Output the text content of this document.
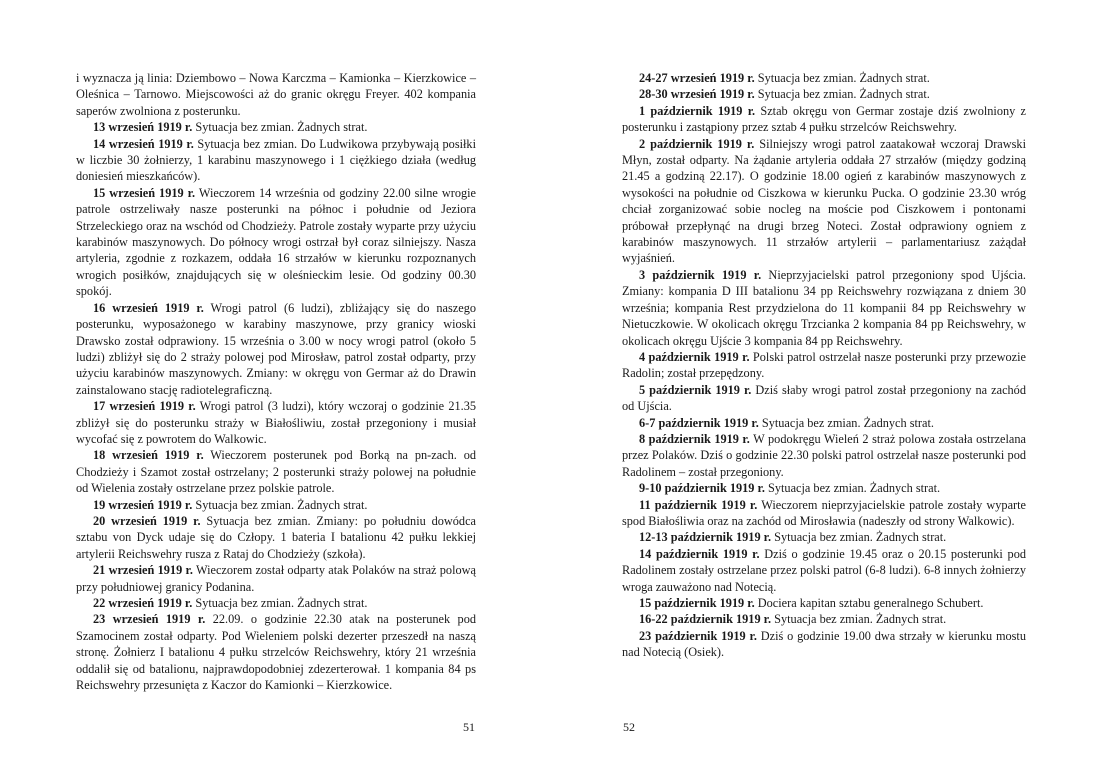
i wyznacza ją linia: Dziembowo – Nowa Karczma – Kamionka – Kierzkowice – Oleśnica – Tarnowo. Miejscowości aż do granic okręgu Freyer. 402 kompania saperów zwolniona z posterunku.

13 wrzesień 1919 r. Sytuacja bez zmian. Żadnych strat.

14 wrzesień 1919 r. Sytuacja bez zmian. Do Ludwikowa przybywają posiłki w liczbie 30 żołnierzy, 1 karabinu maszynowego i 1 ciężkiego działa (według doniesień mieszkańców).

15 wrzesień 1919 r. Wieczorem 14 września od godziny 22.00 silne wrogie patrole ostrzeliwały nasze posterunki na północ i południe od Jeziora Strzeleckiego oraz na wschód od Chodzieży. Patrole zostały wyparte przy użyciu karabinów maszynowych. Do północy wrogi ostrzał był coraz silniejszy. Nasza artyleria, zgodnie z rozkazem, oddała 16 strzałów w kierunku rozpoznanych wrogich posiłków, znajdujących się w oleśnieckim lesie. Od godziny 00.30 spokój.

16 wrzesień 1919 r. Wrogi patrol (6 ludzi), zbliżający się do naszego posterunku, wyposażonego w karabiny maszynowe, przy granicy wioski Drawsko został odprawiony. 15 września o 3.00 w nocy wrogi patrol (około 5 ludzi) zbliżył się do 2 straży polowej pod Mirosław, patrol został odparty, przy użyciu karabinów maszynowych. Zmiany: w okręgu von Germar aż do Drawin zainstalowano stację radiotelegraficzną.

17 wrzesień 1919 r. Wrogi patrol (3 ludzi), który wczoraj o godzinie 21.35 zbliżył się do posterunku straży w Białośliwiu, został przegoniony i musiał wycofać się z powrotem do Walkowic.

18 wrzesień 1919 r. Wieczorem posterunek pod Borką na pn-zach. od Chodzieży i Szamot został ostrzelany; 2 posterunki straży polowej na południe od Wielenia zostały ostrzelane przez polskie patrole.

19 wrzesień 1919 r. Sytuacja bez zmian. Żadnych strat.

20 wrzesień 1919 r. Sytuacja bez zmian. Zmiany: po południu dowódca sztabu von Dyck udaje się do Człopy. 1 bateria I batalionu 42 pułku lekkiej artylerii Reichswehry rusza z Rataj do Chodzieży (szkoła).

21 wrzesień 1919 r. Wieczorem został odparty atak Polaków na straż polową przy południowej granicy Podanina.

22 wrzesień 1919 r. Sytuacja bez zmian. Żadnych strat.

23 wrzesień 1919 r. 22.09. o godzinie 22.30 atak na posterunek pod Szamocinem został odparty. Pod Wieleniem polski dezerter przeszedł na naszą stronę. Żołnierz I batalionu 4 pułku strzelców Reichswehry, który 21 września oddalił się od batalionu, najprawdopodobniej zdezerterował. 1 kompania 84 ps Reichswehry przesunięta z Kaczor do Kamionki – Kierzkowice.

24-27 wrzesień 1919 r. Sytuacja bez zmian. Żadnych strat.

28-30 wrzesień 1919 r. Sytuacja bez zmian. Żadnych strat.

1 październik 1919 r. Sztab okręgu von Germar zostaje dziś zwolniony z posterunku i zastąpiony przez sztab 4 pułku strzelców Reichswehry.

2 październik 1919 r. Silniejszy wrogi patrol zaatakował wczoraj Drawski Młyn, został odparty. Na żądanie artyleria oddała 27 strzałów (między godziną 21.45 a godziną 22.17). O godzinie 18.00 ogień z karabinów maszynowych z wysokości na południe od Ciszkowa w kierunku Pucka. O godzinie 23.30 wróg chciał zorganizować sobie nocleg na moście pod Ciszkowem i pontonami próbował przepłynąć na drugi brzeg Noteci. Został odprawiony ogniem z karabinów maszynowych. 11 strzałów artylerii – parlamentariusz zażądał wyjaśnień.

3 październik 1919 r. Nieprzyjacielski patrol przegoniony spod Ujścia. Zmiany: kompania D III batalionu 34 pp Reichswehry rozwiązana z dniem 30 września; kompania Rest przydzielona do 11 kompanii 84 pp Reichswehry w Nietuczkowie. W okolicach okręgu Trzcianka 2 kompania 84 pp Reichswehry, w okolicach okręgu Ujście 3 kompania 84 pp Reichswehry.

4 październik 1919 r. Polski patrol ostrzelał nasze posterunki przy przewozie Radolin; został przepędzony.

5 październik 1919 r. Dziś słaby wrogi patrol został przegoniony na zachód od Ujścia.

6-7 październik 1919 r. Sytuacja bez zmian. Żadnych strat.

8 październik 1919 r. W podokręgu Wieleń 2 straż polowa została ostrzelana przez Polaków. Dziś o godzinie 22.30 polski patrol ostrzelał nasze posterunki pod Radolinem – został przegoniony.

9-10 październik 1919 r. Sytuacja bez zmian. Żadnych strat.

11 październik 1919 r. Wieczorem nieprzyjacielskie patrole zostały wyparte spod Białośliwia oraz na zachód od Mirosławia (nadeszły od strony Walkowic).

12-13 październik 1919 r. Sytuacja bez zmian. Żadnych strat.

14 październik 1919 r. Dziś o godzinie 19.45 oraz o 20.15 posterunki pod Radolinem zostały ostrzelane przez polski patrol (6-8 ludzi). 6-8 innych żołnierzy wroga zauważono nad Notecią.

15 październik 1919 r. Dociera kapitan sztabu generalnego Schubert.

16-22 październik 1919 r. Sytuacja bez zmian. Żadnych strat.

23 październik 1919 r. Dziś o godzinie 19.00 dwa strzały w kierunku mostu nad Notecią (Osiek).

51	52
